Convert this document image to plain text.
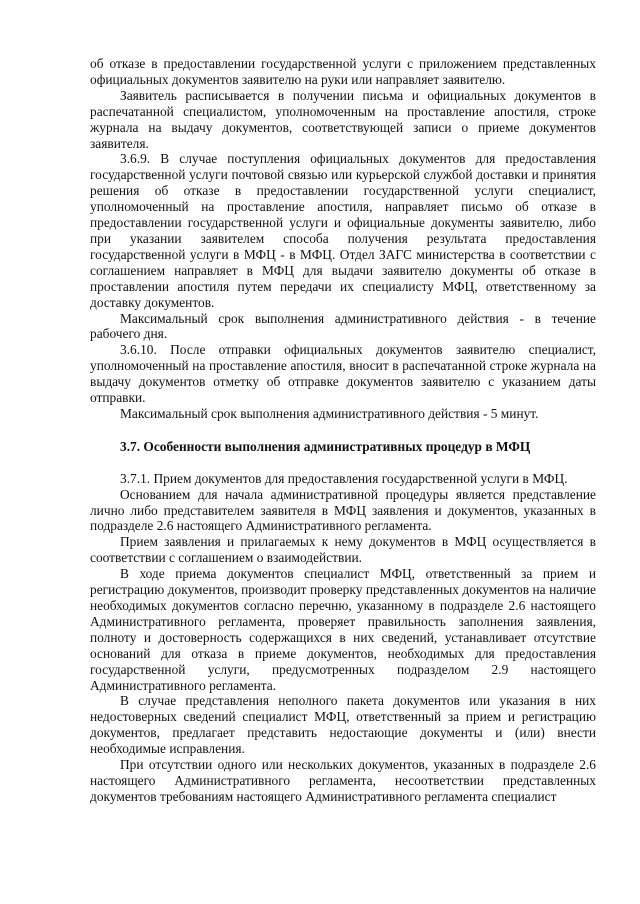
об отказе в предоставлении государственной услуги с приложением представленных официальных документов заявителю на руки или направляет заявителю.

Заявитель расписывается в получении письма и официальных документов в распечатанной специалистом, уполномоченным на проставление апостиля, строке журнала на выдачу документов, соответствующей записи о приеме документов заявителя.

3.6.9. В случае поступления официальных документов для предоставления государственной услуги почтовой связью или курьерской службой доставки и принятия решения об отказе в предоставлении государственной услуги специалист, уполномоченный на проставление апостиля, направляет письмо об отказе в предоставлении государственной услуги и официальные документы заявителю, либо при указании заявителем способа получения результата предоставления государственной услуги в МФЦ - в МФЦ. Отдел ЗАГС министерства в соответствии с соглашением направляет в МФЦ для выдачи заявителю документы об отказе в проставлении апостиля путем передачи их специалисту МФЦ, ответственному за доставку документов.

Максимальный срок выполнения административного действия - в течение рабочего дня.

3.6.10. После отправки официальных документов заявителю специалист, уполномоченный на проставление апостиля, вносит в распечатанной строке журнала на выдачу документов отметку об отправке документов заявителю с указанием даты отправки.

Максимальный срок выполнения административного действия - 5 минут.

3.7. Особенности выполнения административных процедур в МФЦ

3.7.1. Прием документов для предоставления государственной услуги в МФЦ.

Основанием для начала административной процедуры является представление лично либо представителем заявителя в МФЦ заявления и документов, указанных в подразделе 2.6 настоящего Административного регламента.

Прием заявления и прилагаемых к нему документов в МФЦ осуществляется в соответствии с соглашением о взаимодействии.

В ходе приема документов специалист МФЦ, ответственный за прием и регистрацию документов, производит проверку представленных документов на наличие необходимых документов согласно перечню, указанному в подразделе 2.6 настоящего Административного регламента, проверяет правильность заполнения заявления, полноту и достоверность содержащихся в них сведений, устанавливает отсутствие оснований для отказа в приеме документов, необходимых для предоставления государственной услуги, предусмотренных подразделом 2.9 настоящего Административного регламента.

В случае представления неполного пакета документов или указания в них недостоверных сведений специалист МФЦ, ответственный за прием и регистрацию документов, предлагает представить недостающие документы и (или) внести необходимые исправления.

При отсутствии одного или нескольких документов, указанных в подразделе 2.6 настоящего Административного регламента, несоответствии представленных документов требованиям настоящего Административного регламента специалист
